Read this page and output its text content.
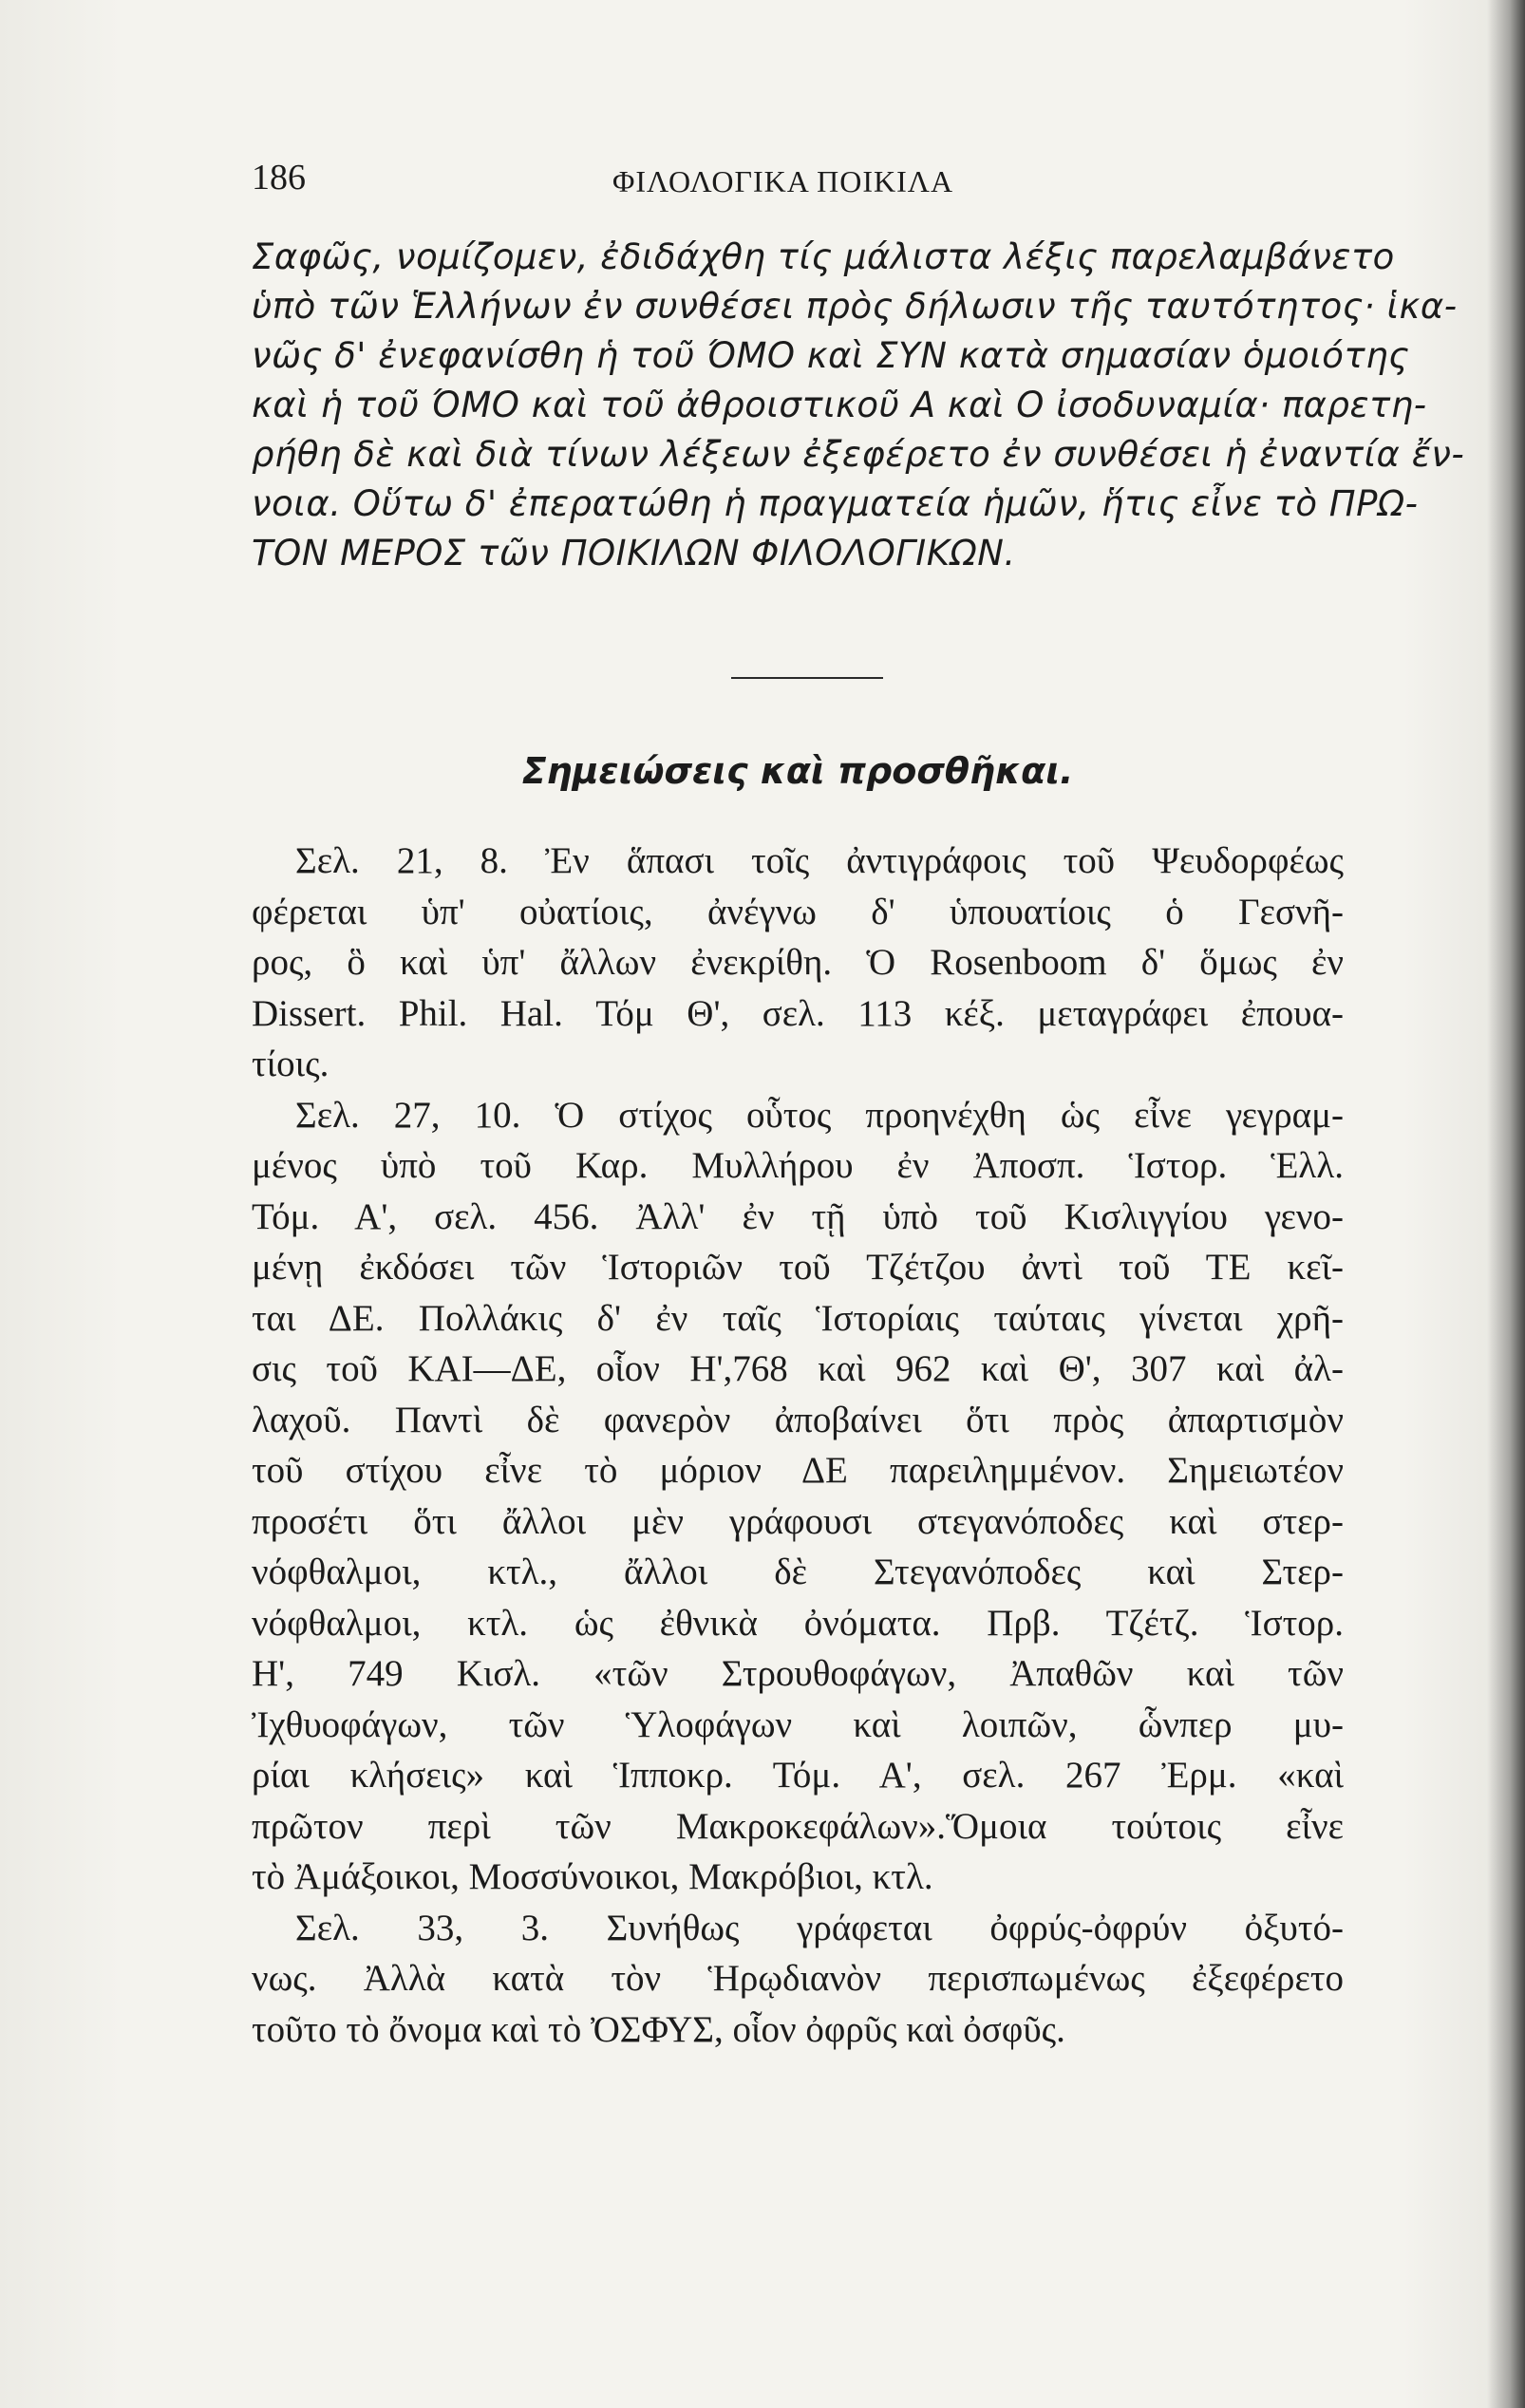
186	ΦΙΛΟΛΟΓΙΚΑ ΠΟΙΚΙΛΑ
Σαφῶς, νομίζομεν, ἐδιδάχθη τίς μάλιστα λέξις παρελαμβάνετο
ὑπὸ τῶν Ἑλλήνων ἐν συνθέσει πρὸς δήλωσιν τῆς ταυτότητος· ἱκα-
νῶς δ' ἐνεφανίσθη ἡ τοῦ ΌΜΟ καὶ ΣΥΝ κατὰ σημασίαν ὁμοιότης
καὶ ἡ τοῦ ΌΜΟ καὶ τοῦ ἀθροιστικοῦ Α καὶ Ο ἰσοδυναμία· παρετη-
ρήθη δὲ καὶ διὰ τίνων λέξεων ἐξεφέρετο ἐν συνθέσει ἡ ἐναντία ἔν-
νοια. Οὕτω δ' ἐπερατώθη ἡ πραγματεία ἡμῶν, ἥτις εἶνε τὸ ΠΡΩ-
ΤΟΝ ΜΕΡΟΣ τῶν ΠΟΙΚΙΛΩΝ ΦΙΛΟΛΟΓΙΚΩΝ.
Σημειώσεις καὶ προσθῆκαι.
Σελ. 21, 8. Ἐν ἅπασι τοῖς ἀντιγράφοις τοῦ Ψευδορφέως
φέρεται ὑπ' οὐατίοις, ἀνέγνω δ' ὑπουατίοις ὁ Γεσνῆ-
ρος, ὃ καὶ ὑπ' ἄλλων ἐνεκρίθη. Ὁ Rosenboom δ' ὅμως ἐν
Dissert. Phil. Hal. Τόμ Θ', σελ. 113 κέξ. μεταγράφει ἐπουα-
τίοις.
Σελ. 27, 10. Ὁ στίχος οὗτος προηνέχθη ὡς εἶνε γεγραμ-
μένος ὑπὸ τοῦ Καρ. Μυλλήρου ἐν Ἀποσπ. Ἱστορ. Ἑλλ.
Τόμ. Α', σελ. 456. Ἀλλ' ἐν τῇ ὑπὸ τοῦ Κισλιγγίου γενο-
μένῃ ἐκδόσει τῶν Ἱστοριῶν τοῦ Τζέτζου ἀντὶ τοῦ ΤΕ κεῖ-
ται ΔΕ. Πολλάκις δ' ἐν ταῖς Ἱστορίαις ταύταις γίνεται χρῆ-
σις τοῦ ΚΑΙ—ΔΕ, οἷον Η',768 καὶ 962 καὶ Θ', 307 καὶ ἀλ-
λαχοῦ. Παντὶ δὲ φανερὸν ἀποβαίνει ὅτι πρὸς ἀπαρτισμὸν
τοῦ στίχου εἶνε τὸ μόριον ΔΕ παρειλημμένον. Σημειωτέον
προσέτι ὅτι ἄλλοι μὲν γράφουσι στεγανόποδες καὶ στερ-
νόφθαλμοι, κτλ., ἄλλοι δὲ Στεγανόποδες καὶ Στερ-
νόφθαλμοι, κτλ. ὡς ἐθνικὰ ὀνόματα. Πρβ. Τζέτζ. Ἱστορ.
Η', 749 Κισλ. «τῶν Στρουθοφάγων, Ἀπαθῶν καὶ τῶν
Ἰχθυοφάγων, τῶν Ὑλοφάγων καὶ λοιπῶν, ὧνπερ μυ-
ρίαι κλήσεις» καὶ Ἱπποκρ. Τόμ. Α', σελ. 267 Ἐρμ. «καὶ
πρῶτον περὶ τῶν Μακροκεφάλων».Ὅμοια τούτοις εἶνε
τὸ Ἀμάξοικοι, Μοσσύνοικοι, Μακρόβιοι, κτλ.
Σελ. 33, 3. Συνήθως γράφεται ὀφρύς-ὀφρύν ὀξυτό-
νως. Ἀλλὰ κατὰ τὸν Ἡρῳδιανὸν περισπωμένως ἐξεφέρετο
τοῦτο τὸ ὄνομα καὶ τὸ ὈΣΦΥΣ, οἷον ὀφρῦς καὶ ὀσφῦς.
